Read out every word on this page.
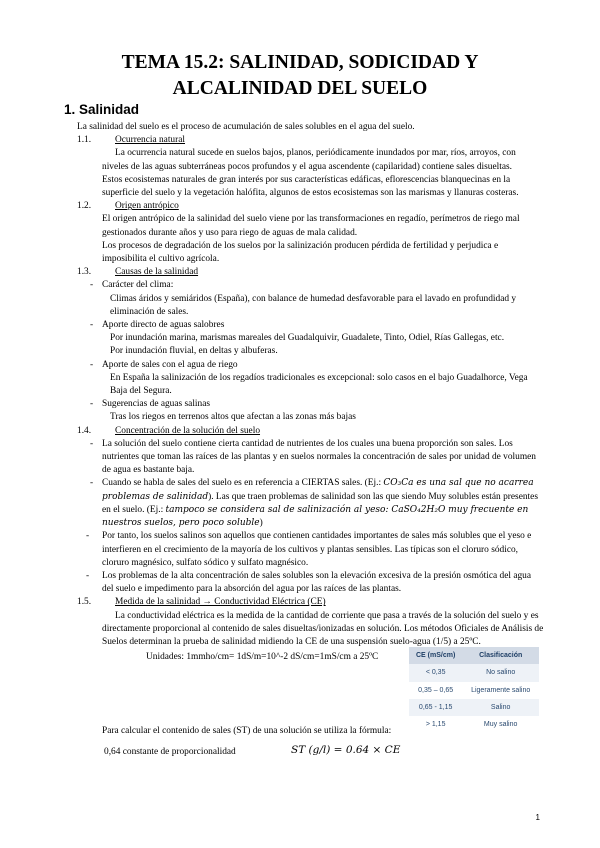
TEMA 15.2: SALINIDAD, SODICIDAD Y
ALCALINIDAD DEL SUELO
1. Salinidad

La salinidad del suelo es el proceso de acumulación de sales solubles en el agua del suelo.

1.1.	Ocurrencia natural

La ocurrencia natural sucede en suelos bajos, planos, periódicamente inundados por mar, ríos, arroyos, con niveles de las aguas subterráneas pocos profundos y el agua ascendente (capilaridad) contiene sales disueltas.

Estos ecosistemas naturales de gran interés por sus características edáficas, eflorescencias blanquecinas en la superficie del suelo y la vegetación halófita, algunos de estos ecosistemas son las marismas y llanuras costeras.

1.2.	Origen antrópico

El origen antrópico de la salinidad del suelo viene por las transformaciones en regadío, perímetros de riego mal gestionados durante años y uso para riego de aguas de mala calidad.

Los procesos de degradación de los suelos por la salinización producen pérdida de fertilidad y perjudica e imposibilita el cultivo agrícola.

1.3.	Causas de la salinidad
- Carácter del clima:

Climas áridos y semiáridos (España), con balance de humedad desfavorable para el lavado en profundidad y eliminación de sales.

- Aporte directo de aguas salobres

Por inundación marina, marismas mareales del Guadalquivir, Guadalete, Tinto, Odiel, Rías Gallegas, etc.

Por inundación fluvial, en deltas y albuferas.

- Aporte de sales con el agua de riego

En España la salinización de los regadíos tradicionales es excepcional: solo casos en el bajo Guadalhorce, Vega Baja del Segura.

- Sugerencias de aguas salinas

Tras los riegos en terrenos altos que afectan a las zonas más bajas

1.4.	Concentración de la solución del suelo
- La solución del suelo contiene cierta cantidad de nutrientes de los cuales una buena proporción son sales. Los nutrientes que toman las raíces de las plantas y en suelos normales la concentración de sales por unidad de volumen de agua es bastante baja.
- Cuando se habla de sales del suelo es en referencia a CIERTAS sales. (Ej.: CO₃Ca es una sal que no acarrea problemas de salinidad). Las que traen problemas de salinidad son las que siendo Muy solubles están presentes en el suelo. (Ej.: tampoco se considera sal de salinización al yeso: CaSO₄2H₂O muy frecuente en nuestros suelos, pero poco soluble)
- Por tanto, los suelos salinos son aquellos que contienen cantidades importantes de sales más solubles que el yeso e interfieren en el crecimiento de la mayoría de los cultivos y plantas sensibles. Las típicas son el cloruro sódico, cloruro magnésico, sulfato sódico y sulfato magnésico.
- Los problemas de la alta concentración de sales solubles son la elevación excesiva de la presión osmótica del agua del suelo e impedimento para la absorción del agua por las raíces de las plantas.
1.5.	Medida de la salinidad → Conductividad Eléctrica (CE)

La conductividad eléctrica es la medida de la cantidad de corriente que pasa a través de la solución del suelo y es directamente proporcional al contenido de sales disueltas/ionizadas en solución. Los métodos Oficiales de Análisis de Suelos determinan la prueba de salinidad midiendo la CE de una suspensión suelo-agua (1/5) a 25ºC.

Unidades: 1mmho/cm= 1dS/m=10^-2 dS/cm=1mS/cm a 25ºC	CE (mS/cm)	Clasificación
< 0,35	No salino
0,35 – 0,65	Ligeramente salino
0,65 - 1,15	Salino
> 1,15	Muy salino

Para calcular el contenido de sales (ST) de una solución se utiliza la fórmula:

0,64 constante de proporcionalidad	ST (g/l) = 0.64 × CE
1
